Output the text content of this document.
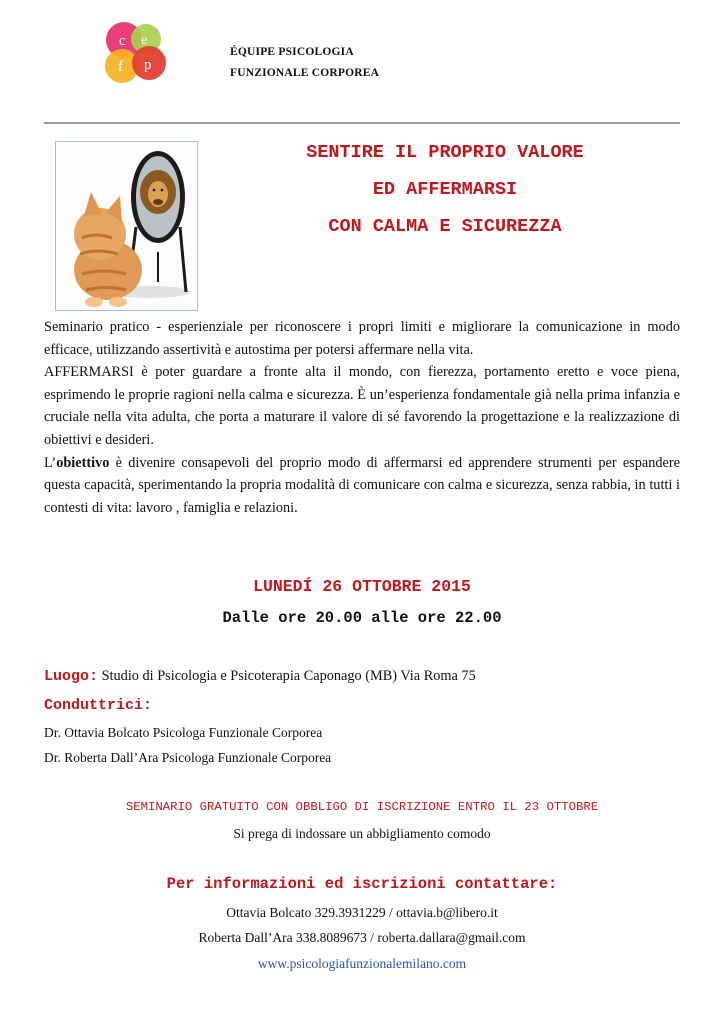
c e
f p
ÉQUIPE PSICOLOGIA
FUNZIONALE CORPOREA
SENTIRE IL PROPRIO VALORE
ED AFFERMARSI
CON CALMA E SICUREZZA

Seminario pratico - esperienziale per riconoscere i propri limiti e migliorare la comunicazione in modo efficace, utilizzando assertività e autostima per potersi affermare nella vita.

AFFERMARSI è poter guardare a fronte alta il mondo, con fierezza, portamento eretto e voce piena, esprimendo le proprie ragioni nella calma e sicurezza. È un’esperienza fondamentale già nella prima infanzia e cruciale nella vita adulta, che porta a maturare il valore di sé favorendo la progettazione e la realizzazione di obiettivi e desideri.

L’obiettivo è divenire consapevoli del proprio modo di affermarsi ed apprendere strumenti per espandere questa capacità, sperimentando la propria modalità di comunicare con calma e sicurezza, senza rabbia, in tutti i contesti di vita: lavoro , famiglia e relazioni.

LUNEDÍ 26 OTTOBRE 2015
Dalle ore 20.00 alle ore 22.00
Luogo: Studio di Psicologia e Psicoterapia Caponago (MB) Via Roma 75
Conduttrici:
Dr. Ottavia Bolcato Psicologa Funzionale Corporea
Dr. Roberta Dall’Ara Psicologa Funzionale Corporea
SEMINARIO GRATUITO CON OBBLIGO DI ISCRIZIONE ENTRO IL 23 OTTOBRE
Si prega di indossare un abbigliamento comodo
Per informazioni ed iscrizioni contattare:
Ottavia Bolcato 329.3931229 / ottavia.b@libero.it
Roberta Dall’Ara 338.8089673 / roberta.dallara@gmail.com
www.psicologiafunzionalemilano.com
